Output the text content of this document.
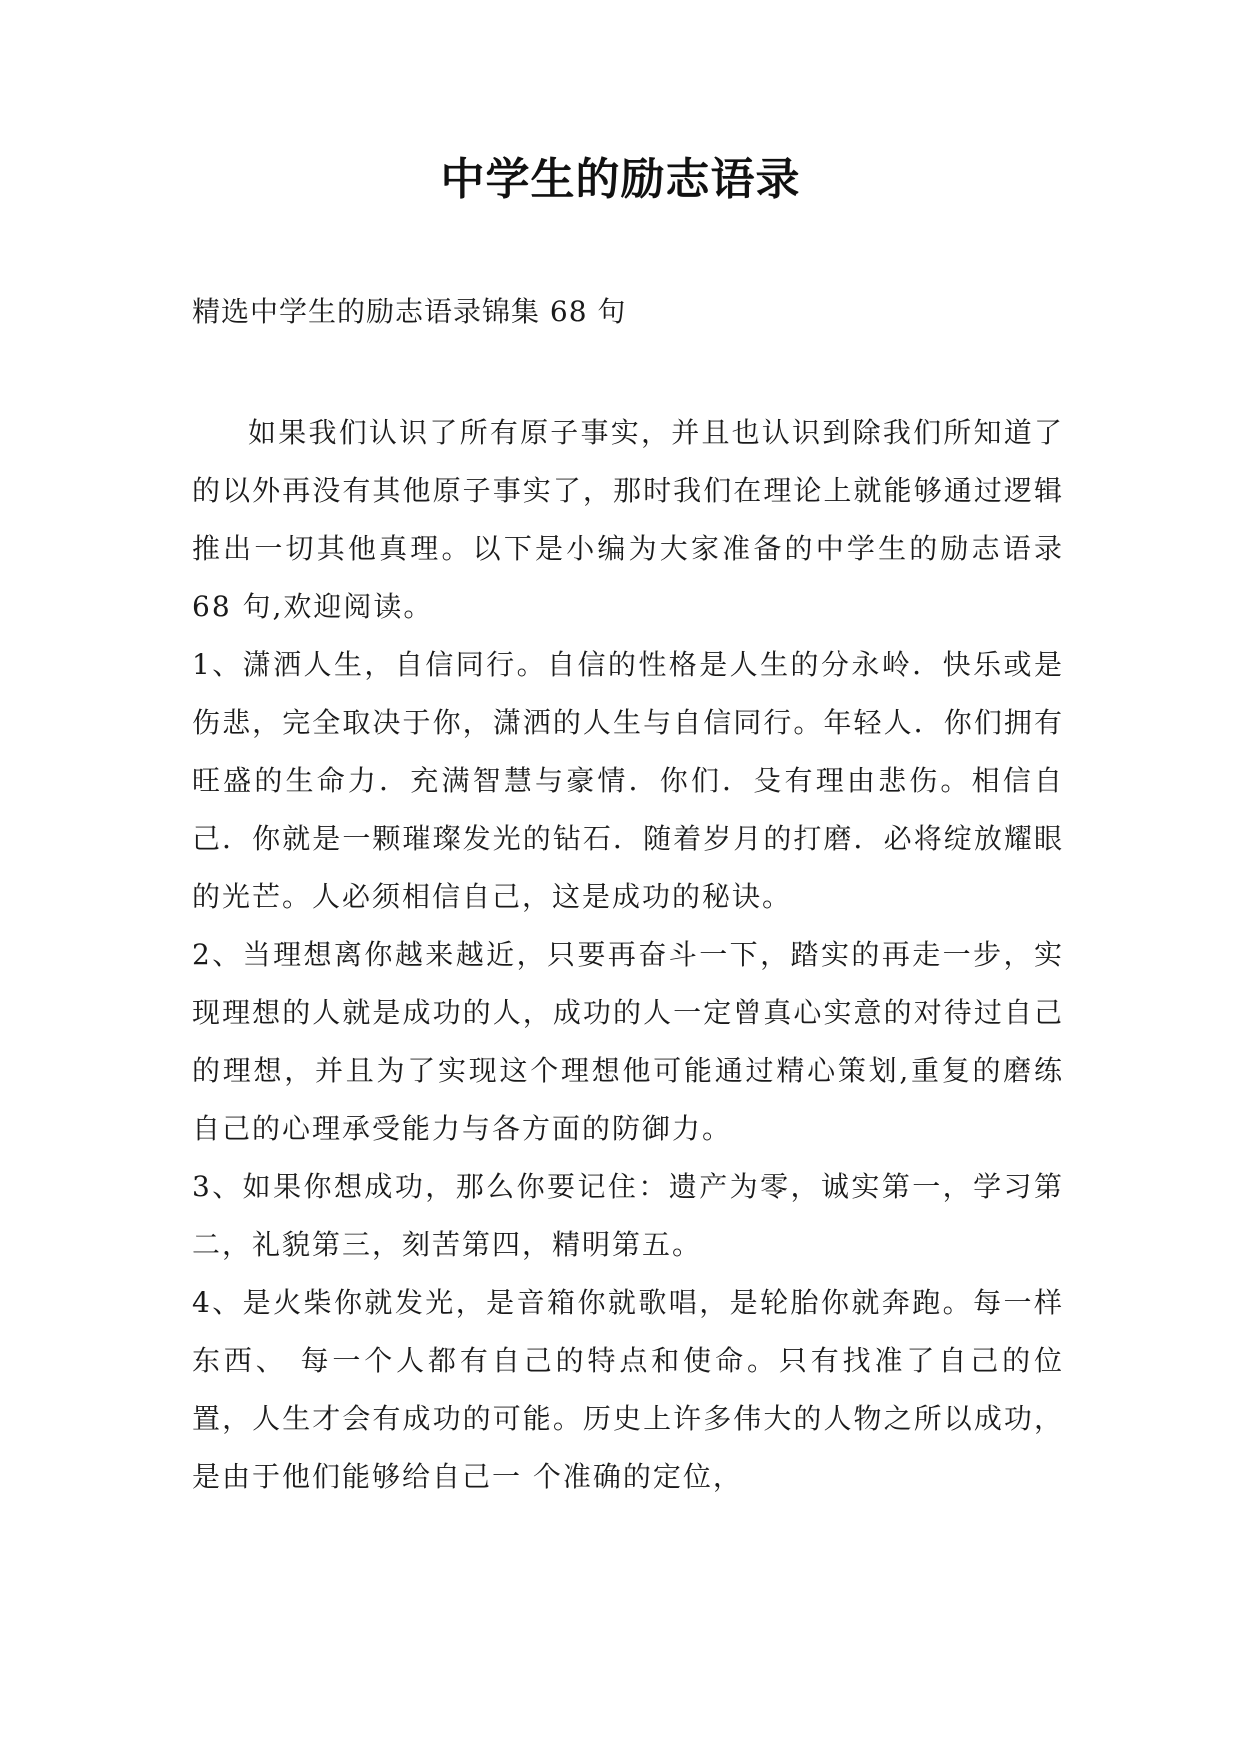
中学生的励志语录
精选中学生的励志语录锦集 68 句

如果我们认识了所有原子事实，并且也认识到除我们所知道了的以外再没有其他原子事实了，那时我们在理论上就能够通过逻辑推出一切其他真理。以下是小编为大家准备的中学生的励志语录 68 句,欢迎阅读。

1、潇洒人生，自信同行。自信的性格是人生的分永岭．快乐或是伤悲，完全取决于你，潇洒的人生与自信同行。年轻人．你们拥有旺盛的生命力．充满智慧与豪情．你们．殳有理由悲伤。相信自己．你就是一颗璀璨发光的钻石．随着岁月的打磨．必将绽放耀眼的光芒。人必须相信自己，这是成功的秘诀。

2、当理想离你越来越近，只要再奋斗一下，踏实的再走一步，实现理想的人就是成功的人，成功的人一定曾真心实意的对待过自己的理想，并且为了实现这个理想他可能通过精心策划,重复的磨练自己的心理承受能力与各方面的防御力。

3、如果你想成功，那么你要记住：遗产为零，诚实第一，学习第二，礼貌第三，刻苦第四，精明第五。

4、是火柴你就发光，是音箱你就歌唱，是轮胎你就奔跑。每一样东西、 每一个人都有自己的特点和使命。只有找准了自己的位置，人生才会有成功的可能。历史上许多伟大的人物之所以成功，是由于他们能够给自己一 个准确的定位，
